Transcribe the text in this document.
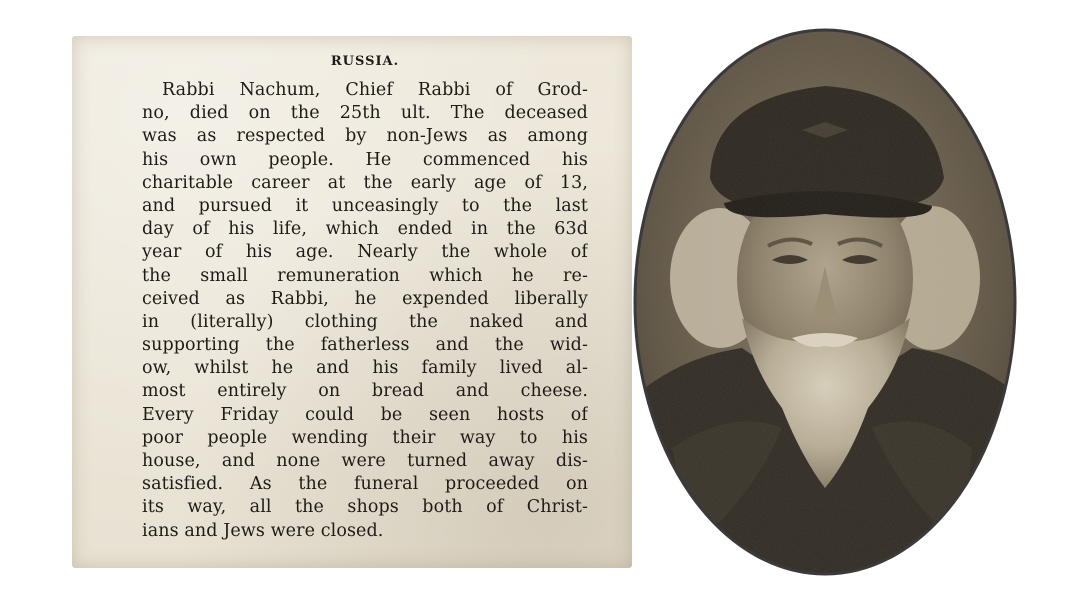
RUSSIA.
Rabbi Nachum, Chief Rabbi of Grod-
no, died on the 25th ult. The deceased
was as respected by non-Jews as among
his own people. He commenced his
charitable career at the early age of 13,
and pursued it unceasingly to the last
day of his life, which ended in the 63d
year of his age. Nearly the whole of
the small remuneration which he re-
ceived as Rabbi, he expended liberally
in (literally) clothing the naked and
supporting the fatherless and the wid-
ow, whilst he and his family lived al-
most entirely on bread and cheese.
Every Friday could be seen hosts of
poor people wending their way to his
house, and none were turned away dis-
satisfied. As the funeral proceeded on
its way, all the shops both of Christ-
ians and Jews were closed.
